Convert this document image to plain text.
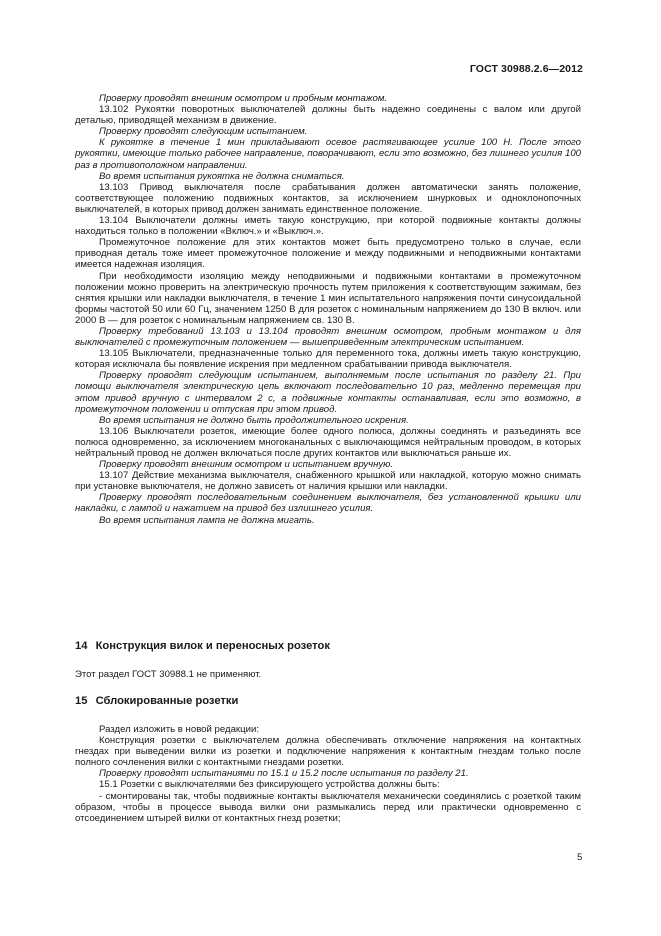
ГОСТ 30988.2.6—2012

Проверку проводят внешним осмотром и пробным монтажом.

13.102 Рукоятки поворотных выключателей должны быть надежно соединены с валом или другой деталью, приводящей механизм в движение.

Проверку проводят следующим испытанием.

К рукоятке в течение 1 мин прикладывают осевое растягивающее усилие 100 Н. После этого рукоятки, имеющие только рабочее направление, поворачивают, если это возможно, без лишнего усилия 100 раз в противоположном направлении.

Во время испытания рукоятка не должна сниматься.

13.103 Привод выключателя после срабатывания должен автоматически занять положение, соответствующее положению подвижных контактов, за исключением шнурковых и одноклонопочных выключателей, в которых привод должен занимать единственное положение.

13.104 Выключатели должны иметь такую конструкцию, при которой подвижные контакты должны находиться только в положении «Включ.» и «Выключ.».

Промежуточное положение для этих контактов может быть предусмотрено только в случае, если приводная деталь тоже имеет промежуточное положение и между подвижными и неподвижными контактами имеется надежная изоляция.

При необходимости изоляцию между неподвижными и подвижными контактами в промежуточном положении можно проверить на электрическую прочность путем приложения к соответствующим зажимам, без снятия крышки или накладки выключателя, в течение 1 мин испытательного напряжения почти синусоидальной формы частотой 50 или 60 Гц, значением 1250 В для розеток с номинальным напряжением до 130 В включ. или 2000 В — для розеток с номинальным напряжением св. 130 В.

Проверку требований 13.103 и 13.104 проводят внешним осмотром, пробным монтажом и для выключателей с промежуточным положением — вышеприведенным электрическим испытанием.

13.105 Выключатели, предназначенные только для переменного тока, должны иметь такую конструкцию, которая исключала бы появление искрения при медленном срабатывании привода выключателя.

Проверку проводят следующим испытанием, выполняемым после испытания по разделу 21. При помощи выключателя электрическую цепь включают последовательно 10 раз, медленно перемещая при этом привод вручную с интервалом 2 с, а подвижные контакты останавливая, если это возможно, в промежуточном положении и отпуская при этом привод.

Во время испытания не должно быть продолжительного искрения.

13.106 Выключатели розеток, имеющие более одного полюса, должны соединять и разъединять все полюса одновременно, за исключением многоканальных с выключающимся нейтральным проводом, в которых нейтральный провод не должен включаться после других контактов или выключаться раньше их.

Проверку проводят внешним осмотром и испытанием вручную.

13.107 Действие механизма выключателя, снабженного крышкой или накладкой, которую можно снимать при установке выключателя, не должно зависеть от наличия крышки или накладки.

Проверку проводят последовательным соединением выключателя, без установленной крышки или накладки, с лампой и нажатием на привод без излишнего усилия.

Во время испытания лампа не должна мигать.

14 Конструкция вилок и переносных розеток

Этот раздел ГОСТ 30988.1 не применяют.

15 Сблокированные розетки

Раздел изложить в новой редакции:

Конструкция розетки с выключателем должна обеспечивать отключение напряжения на контактных гнездах при выведении вилки из розетки и подключение напряжения к контактным гнездам только после полного сочленения вилки с контактными гнездами розетки.

Проверку проводят испытаниями по 15.1 и 15.2 после испытания по разделу 21.

15.1 Розетки с выключателями без фиксирующего устройства должны быть:

- смонтированы так, чтобы подвижные контакты выключателя механически соединялись с розеткой таким образом, чтобы в процессе вывода вилки они размыкались перед или практически одновременно с отсоединением штырей вилки от контактных гнезд розетки;

5
